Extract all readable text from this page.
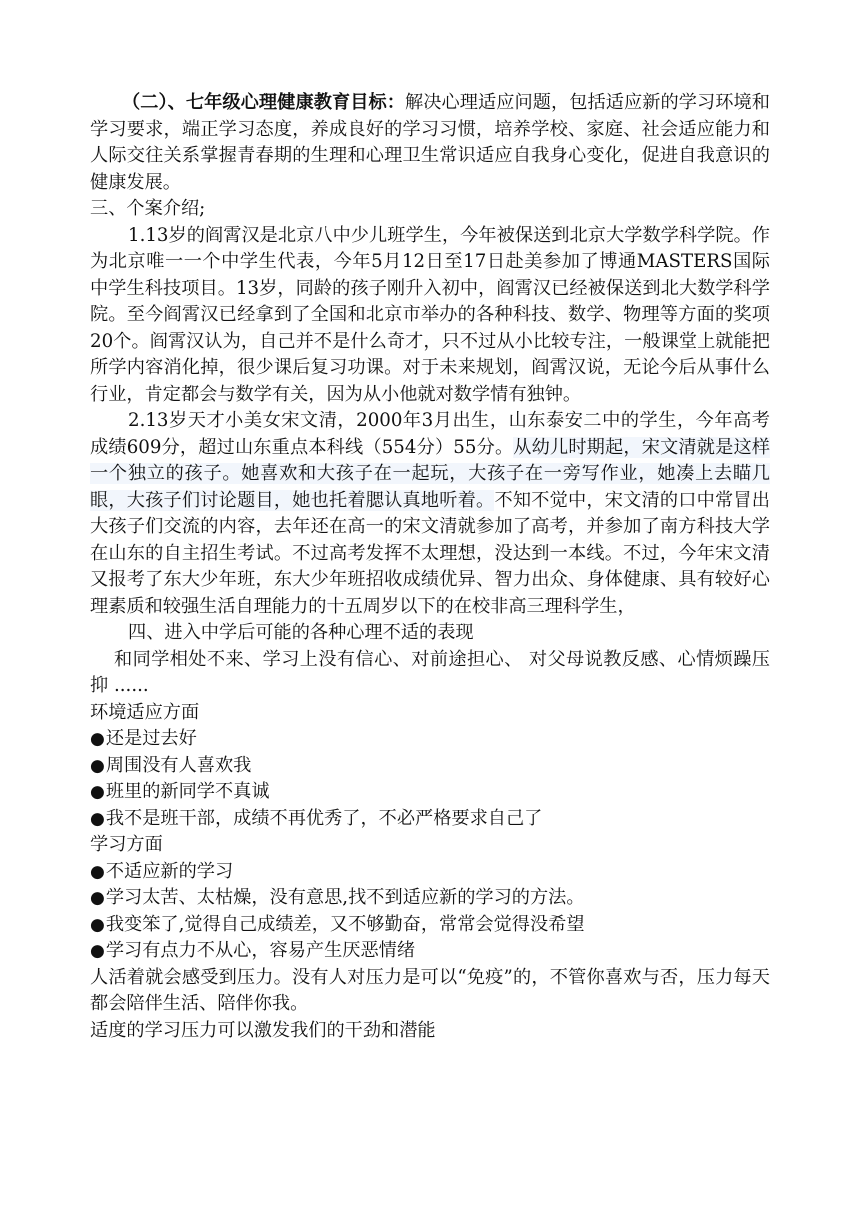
（二）、七年级心理健康教育目标：解决心理适应问题，包括适应新的学习环境和学习要求，端正学习态度，养成良好的学习习惯，培养学校、家庭、社会适应能力和人际交往关系掌握青春期的生理和心理卫生常识适应自我身心变化，促进自我意识的健康发展。

三、个案介绍;

1.13岁的阎霄汉是北京八中少儿班学生，今年被保送到北京大学数学科学院。作为北京唯一一个中学生代表，今年5月12日至17日赴美参加了博通MASTERS国际中学生科技项目。13岁，同龄的孩子刚升入初中，阎霄汉已经被保送到北大数学科学院。至今阎霄汉已经拿到了全国和北京市举办的各种科技、数学、物理等方面的奖项20个。阎霄汉认为，自己并不是什么奇才，只不过从小比较专注，一般课堂上就能把所学内容消化掉，很少课后复习功课。对于未来规划，阎霄汉说，无论今后从事什么行业，肯定都会与数学有关，因为从小他就对数学情有独钟。

2.13岁天才小美女宋文清，2000年3月出生，山东泰安二中的学生，今年高考成绩609分，超过山东重点本科线（554分）55分。从幼儿时期起，宋文清就是这样一个独立的孩子。她喜欢和大孩子在一起玩，大孩子在一旁写作业，她凑上去瞄几眼，大孩子们讨论题目，她也托着腮认真地听着。不知不觉中，宋文清的口中常冒出大孩子们交流的内容，去年还在高一的宋文清就参加了高考，并参加了南方科技大学在山东的自主招生考试。不过高考发挥不太理想，没达到一本线。不过，今年宋文清又报考了东大少年班，东大少年班招收成绩优异、智力出众、身体健康、具有较好心理素质和较强生活自理能力的十五周岁以下的在校非高三理科学生，

四、进入中学后可能的各种心理不适的表现

和同学相处不来、学习上没有信心、对前途担心、 对父母说教反感、心情烦躁压抑 ......

环境适应方面

●还是过去好

●周围没有人喜欢我

●班里的新同学不真诚

●我不是班干部，成绩不再优秀了，不必严格要求自己了

学习方面

●不适应新的学习

●学习太苦、太枯燥，没有意思,找不到适应新的学习的方法。

●我变笨了,觉得自己成绩差，又不够勤奋，常常会觉得没希望

●学习有点力不从心，容易产生厌恶情绪

人活着就会感受到压力。没有人对压力是可以“免疫”的，不管你喜欢与否，压力每天都会陪伴生活、陪伴你我。

适度的学习压力可以激发我们的干劲和潜能
